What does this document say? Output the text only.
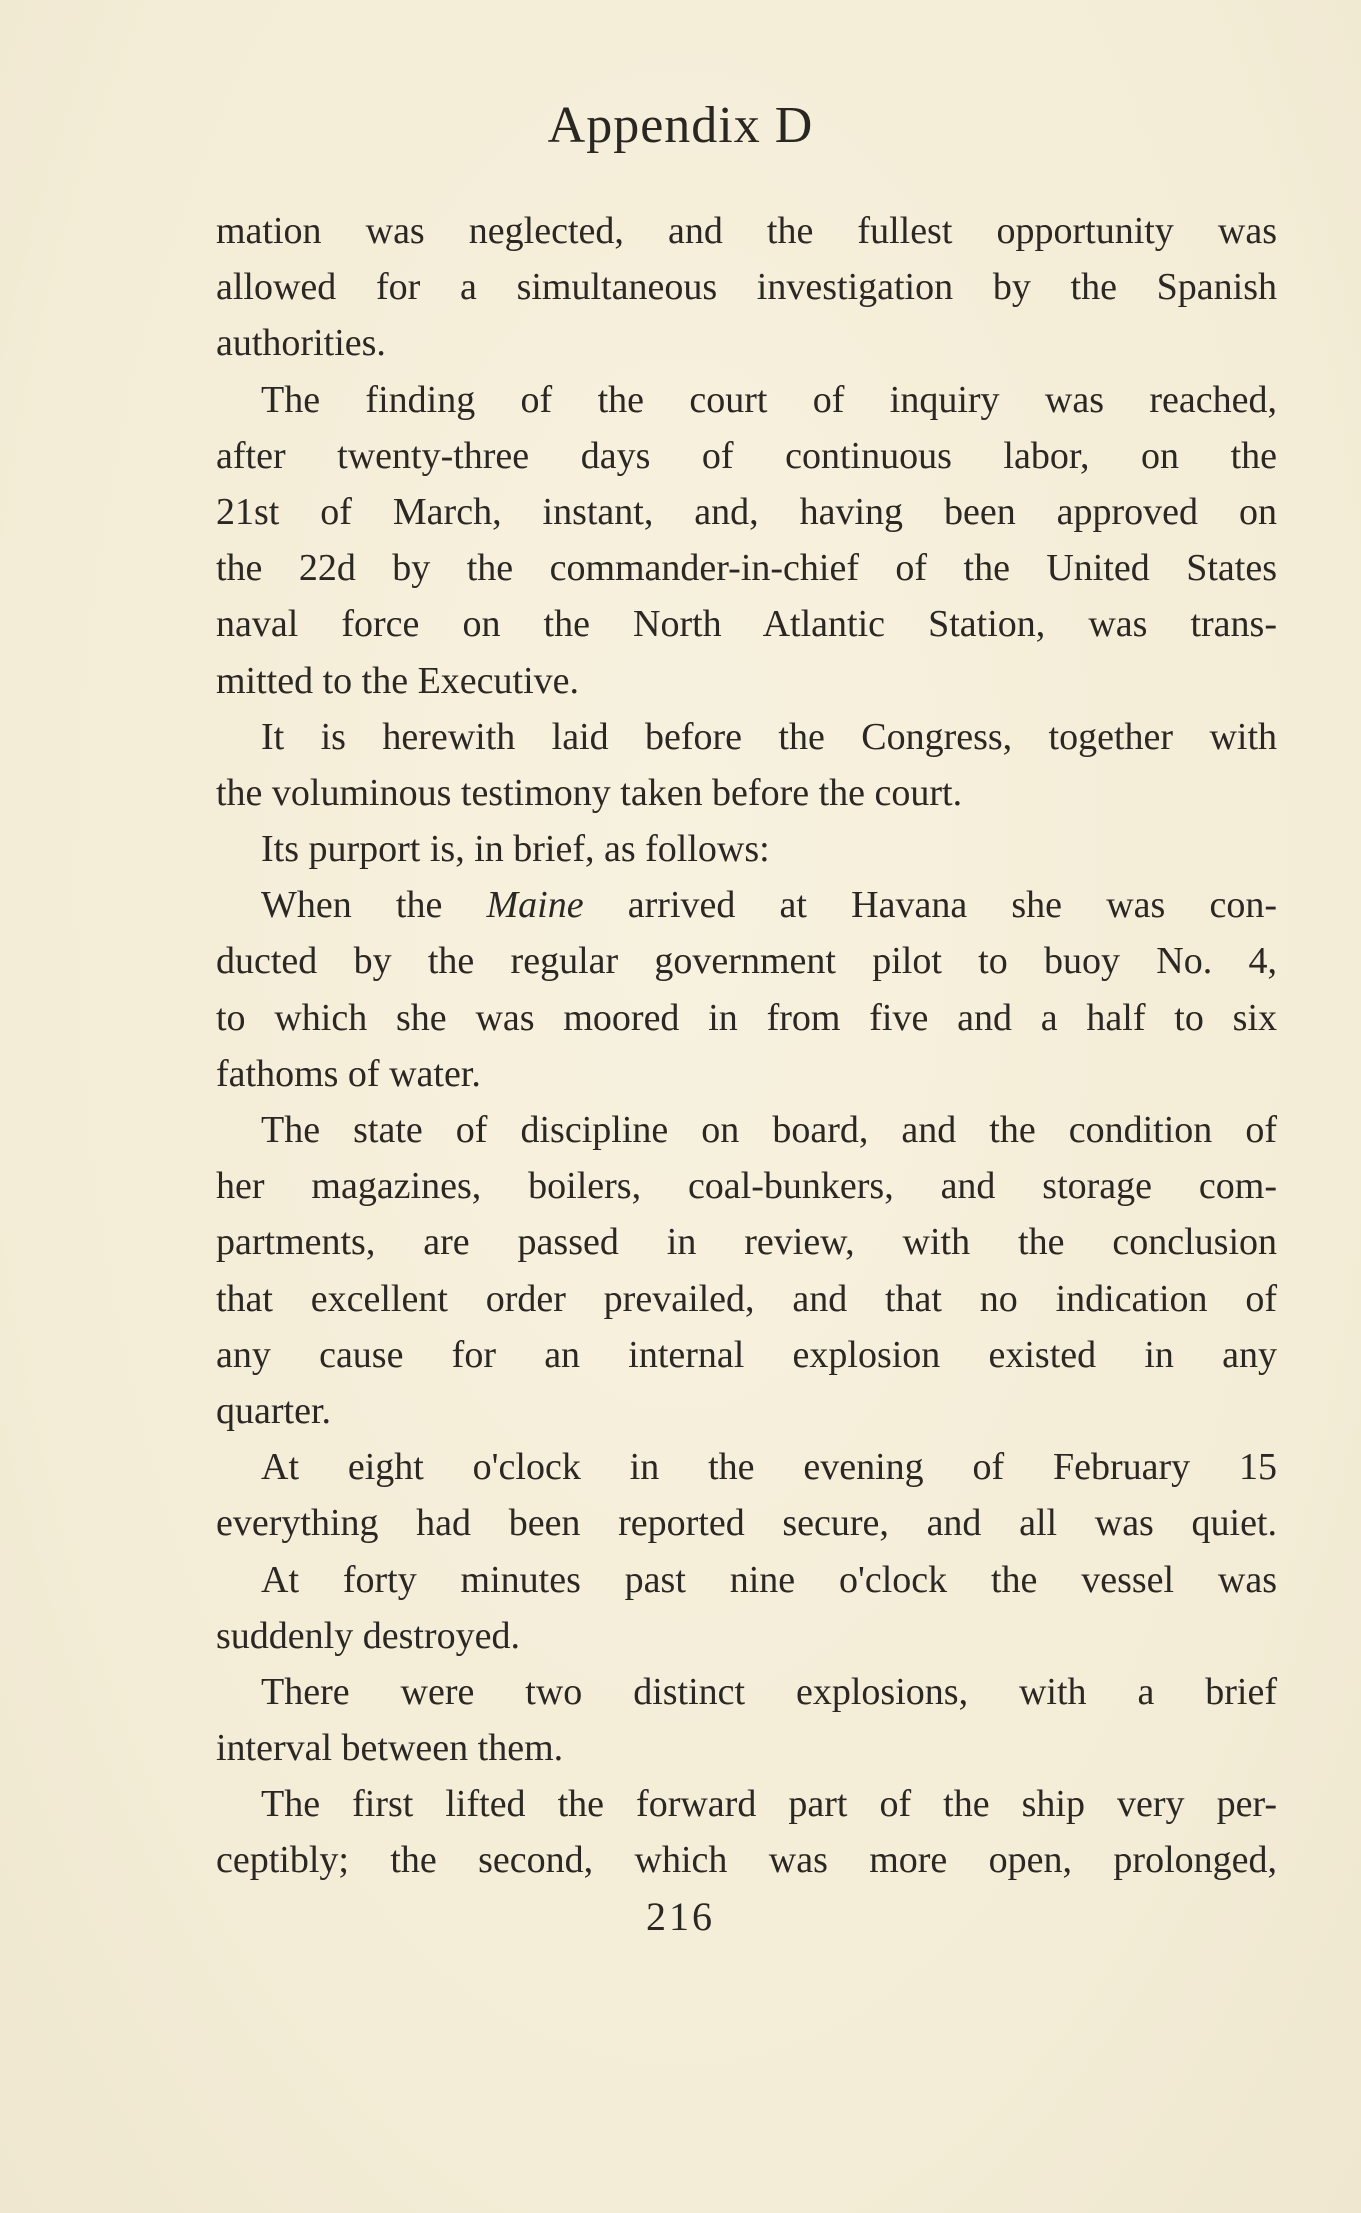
Appendix D
mation was neglected, and the fullest opportunity was
allowed for a simultaneous investigation by the Spanish
authorities.
The finding of the court of inquiry was reached,
after twenty-three days of continuous labor, on the
21st of March, instant, and, having been approved on
the 22d by the commander-in-chief of the United States
naval force on the North Atlantic Station, was trans-
mitted to the Executive.
It is herewith laid before the Congress, together with
the voluminous testimony taken before the court.
Its purport is, in brief, as follows:
When the Maine arrived at Havana she was con-
ducted by the regular government pilot to buoy No. 4,
to which she was moored in from five and a half to six
fathoms of water.
The state of discipline on board, and the condition of
her magazines, boilers, coal-bunkers, and storage com-
partments, are passed in review, with the conclusion
that excellent order prevailed, and that no indication of
any cause for an internal explosion existed in any
quarter.
At eight o'clock in the evening of February 15
everything had been reported secure, and all was quiet.
At forty minutes past nine o'clock the vessel was
suddenly destroyed.
There were two distinct explosions, with a brief
interval between them.
The first lifted the forward part of the ship very per-
ceptibly; the second, which was more open, prolonged,
216
